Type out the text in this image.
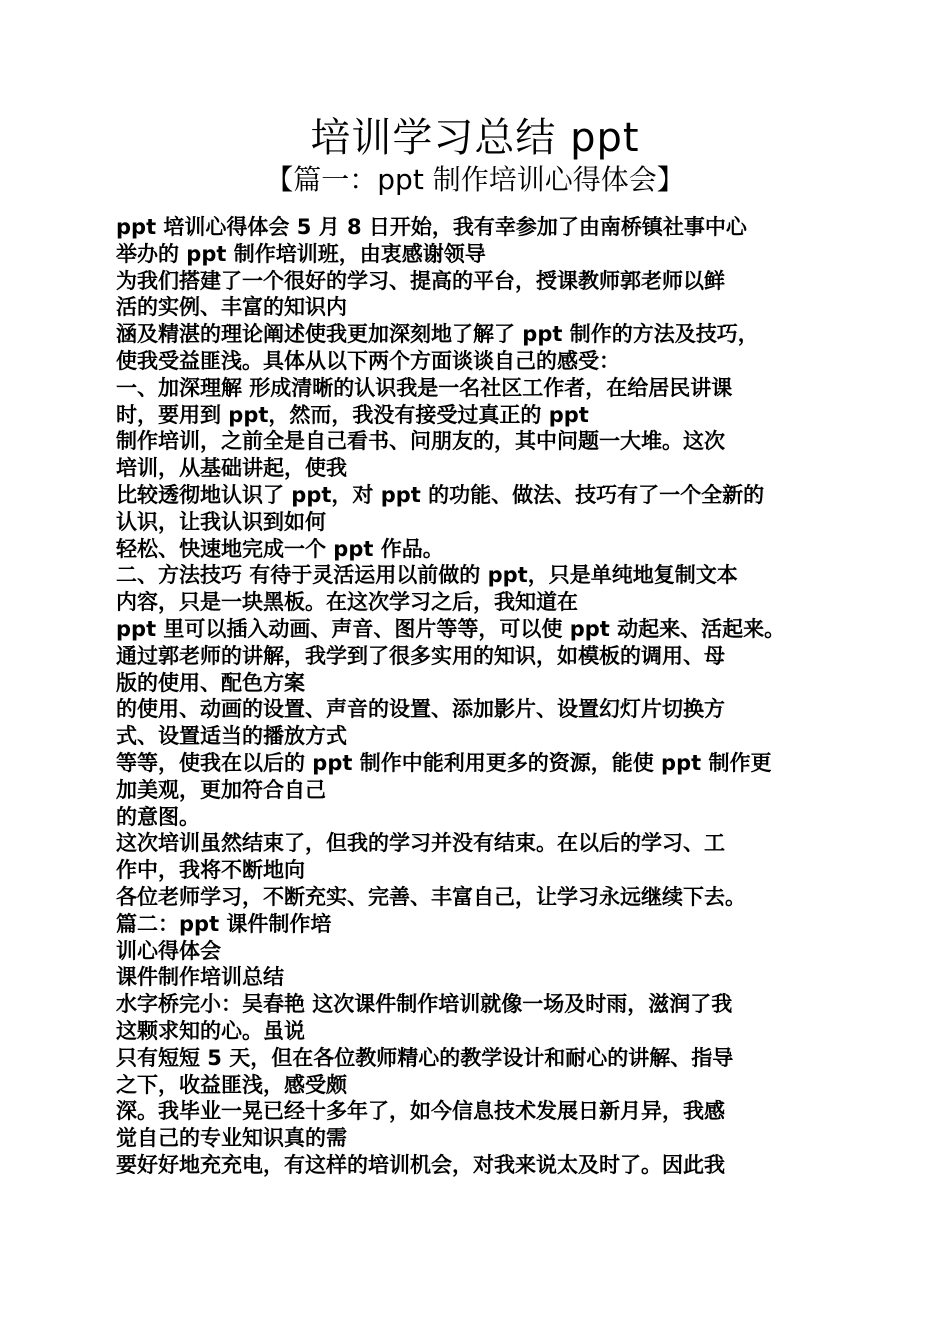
培训学习总结 ppt
【篇一：ppt 制作培训心得体会】
ppt 培训心得体会 5 月 8 日开始，我有幸参加了由南桥镇社事中心
举办的 ppt 制作培训班，由衷感谢领导
为我们搭建了一个很好的学习、提高的平台，授课教师郭老师以鲜
活的实例、丰富的知识内
涵及精湛的理论阐述使我更加深刻地了解了 ppt 制作的方法及技巧，
使我受益匪浅。具体从以下两个方面谈谈自己的感受：
一、加深理解 形成清晰的认识我是一名社区工作者，在给居民讲课
时，要用到 ppt，然而，我没有接受过真正的 ppt
制作培训，之前全是自己看书、问朋友的，其中问题一大堆。这次
培训，从基础讲起，使我
比较透彻地认识了 ppt，对 ppt 的功能、做法、技巧有了一个全新的
认识，让我认识到如何
轻松、快速地完成一个 ppt 作品。
二、方法技巧 有待于灵活运用以前做的 ppt，只是单纯地复制文本
内容，只是一块黑板。在这次学习之后，我知道在
ppt 里可以插入动画、声音、图片等等，可以使 ppt 动起来、活起来。
通过郭老师的讲解，我学到了很多实用的知识，如模板的调用、母
版的使用、配色方案
的使用、动画的设置、声音的设置、添加影片、设置幻灯片切换方
式、设置适当的播放方式
等等，使我在以后的 ppt 制作中能利用更多的资源，能使 ppt 制作更
加美观，更加符合自己
的意图。
这次培训虽然结束了，但我的学习并没有结束。在以后的学习、工
作中，我将不断地向
各位老师学习，不断充实、完善、丰富自己，让学习永远继续下去。
篇二：ppt 课件制作培
训心得体会
课件制作培训总结
水字桥完小：吴春艳 这次课件制作培训就像一场及时雨，滋润了我
这颗求知的心。虽说
只有短短 5 天，但在各位教师精心的教学设计和耐心的讲解、指导
之下，收益匪浅，感受颇
深。我毕业一晃已经十多年了，如今信息技术发展日新月异，我感
觉自己的专业知识真的需
要好好地充充电，有这样的培训机会，对我来说太及时了。因此我
